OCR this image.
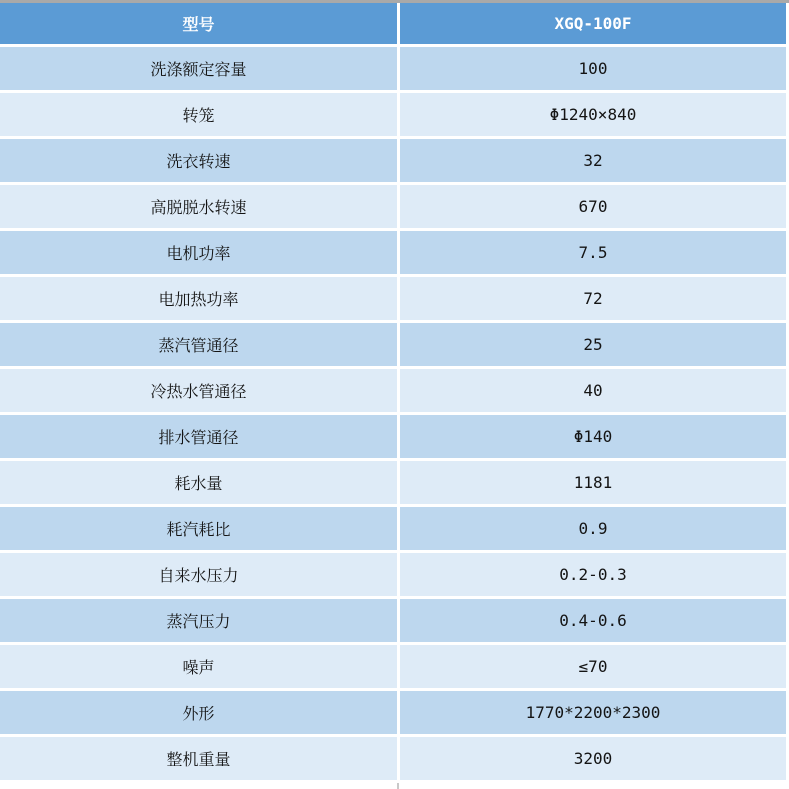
型号	XGQ-100F
洗涤额定容量	100
转笼	Φ1240×840
洗衣转速	32
高脱脱水转速	670
电机功率	7.5
电加热功率	72
蒸汽管通径	25
冷热水管通径	40
排水管通径	Φ140
耗水量	1181
耗汽耗比	0.9
自来水压力	0.2-0.3
蒸汽压力	0.4-0.6
噪声	≤70
外形	1770*2200*2300
整机重量	3200
